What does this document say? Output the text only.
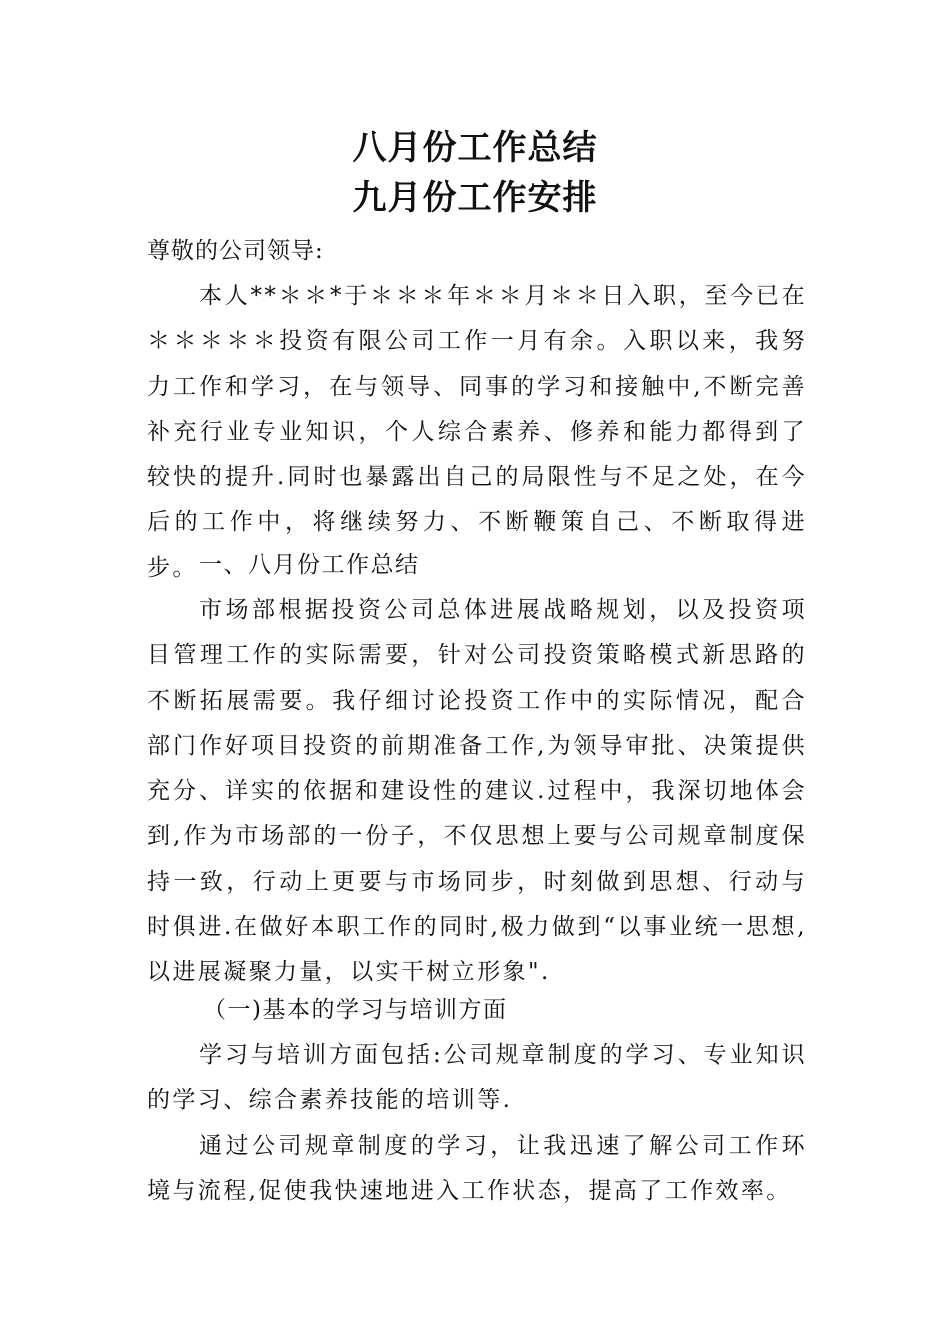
八月份工作总结
九月份工作安排

尊敬的公司领导:

本人**＊＊*于＊＊＊年＊＊月＊＊日入职，至今已在＊＊＊＊＊投资有限公司工作一月有余。入职以来，我努力工作和学习，在与领导、同事的学习和接触中,不断完善补充行业专业知识，个人综合素养、修养和能力都得到了较快的提升.同时也暴露出自己的局限性与不足之处，在今后的工作中，将继续努力、不断鞭策自己、不断取得进步。 一、八月份工作总结

市场部根据投资公司总体进展战略规划，以及投资项目管理工作的实际需要，针对公司投资策略模式新思路的不断拓展需要。我仔细讨论投资工作中的实际情况，配合部门作好项目投资的前期准备工作,为领导审批、决策提供充分、详实的依据和建设性的建议.过程中，我深切地体会到,作为市场部的一份子，不仅思想上要与公司规章制度保持一致，行动上更要与市场同步，时刻做到思想、行动与时俱进.在做好本职工作的同时,极力做到“以事业统一思想,以进展凝聚力量，以实干树立形象".

（一)基本的学习与培训方面

学习与培训方面包括:公司规章制度的学习、专业知识的学习、综合素养技能的培训等.

通过公司规章制度的学习，让我迅速了解公司工作环境与流程,促使我快速地进入工作状态，提高了工作效率。
